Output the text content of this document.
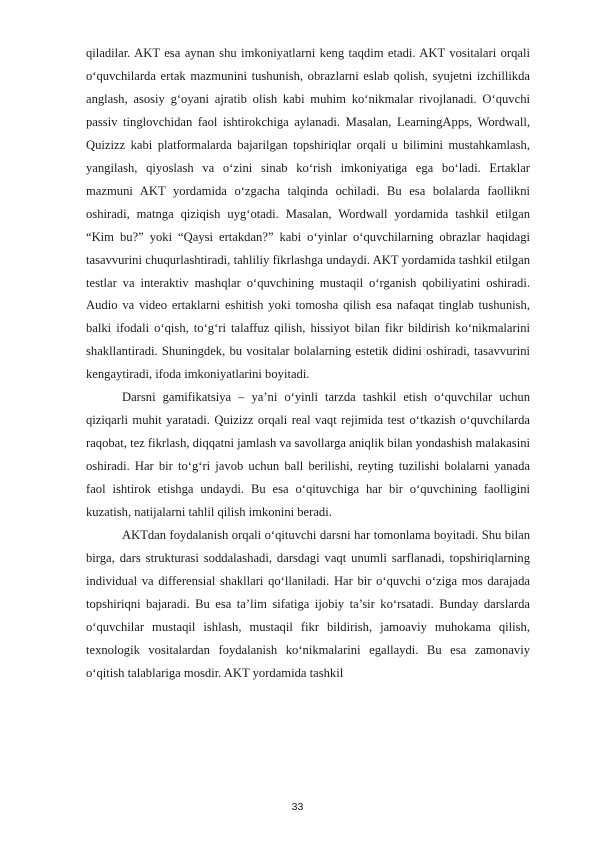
qiladilar. AKT esa aynan shu imkoniyatlarni keng taqdim etadi. AKT vositalari orqali o‘quvchilarda ertak mazmunini tushunish, obrazlarni eslab qolish, syujetni izchillikda anglash, asosiy g‘oyani ajratib olish kabi muhim ko‘nikmalar rivojlanadi. O‘quvchi passiv tinglovchidan faol ishtirokchiga aylanadi. Masalan, LearningApps, Wordwall, Quizizz kabi platformalarda bajarilgan topshiriqlar orqali u bilimini mustahkamlash, yangilash, qiyoslash va o‘zini sinab ko‘rish imkoniyatiga ega bo‘ladi. Ertaklar mazmuni AKT yordamida o‘zgacha talqinda ochiladi. Bu esa bolalarda faollikni oshiradi, matnga qiziqish uyg‘otadi. Masalan, Wordwall yordamida tashkil etilgan “Kim bu?” yoki “Qaysi ertakdan?” kabi o‘yinlar o‘quvchilarning obrazlar haqidagi tasavvurini chuqurlashtiradi, tahliliy fikrlashga undaydi. AKT yordamida tashkil etilgan testlar va interaktiv mashqlar o‘quvchining mustaqil o‘rganish qobiliyatini oshiradi. Audio va video ertaklarni eshitish yoki tomosha qilish esa nafaqat tinglab tushunish, balki ifodali o‘qish, to‘g‘ri talaffuz qilish, hissiyot bilan fikr bildirish ko‘nikmalarini shakllantiradi. Shuningdek, bu vositalar bolalarning estetik didini oshiradi, tasavvurini kengaytiradi, ifoda imkoniyatlarini boyitadi.

Darsni gamifikatsiya – ya’ni o‘yinli tarzda tashkil etish o‘quvchilar uchun qiziqarli muhit yaratadi. Quizizz orqali real vaqt rejimida test o‘tkazish o‘quvchilarda raqobat, tez fikrlash, diqqatni jamlash va savollarga aniqlik bilan yondashish malakasini oshiradi. Har bir to‘g‘ri javob uchun ball berilishi, reyting tuzilishi bolalarni yanada faol ishtirok etishga undaydi. Bu esa o‘qituvchiga har bir o‘quvchining faolligini kuzatish, natijalarni tahlil qilish imkonini beradi.

AKTdan foydalanish orqali o‘qituvchi darsni har tomonlama boyitadi. Shu bilan birga, dars strukturasi soddalashadi, darsdagi vaqt unumli sarflanadi, topshiriqlarning individual va differensial shakllari qo‘llaniladi. Har bir o‘quvchi o‘ziga mos darajada topshiriqni bajaradi. Bu esa ta’lim sifatiga ijobiy ta’sir ko‘rsatadi. Bunday darslarda o‘quvchilar mustaqil ishlash, mustaqil fikr bildirish, jamoaviy muhokama qilish, texnologik vositalardan foydalanish ko‘nikmalarini egallaydi. Bu esa zamonaviy o‘qitish talablariga mosdir. AKT yordamida tashkil

33
